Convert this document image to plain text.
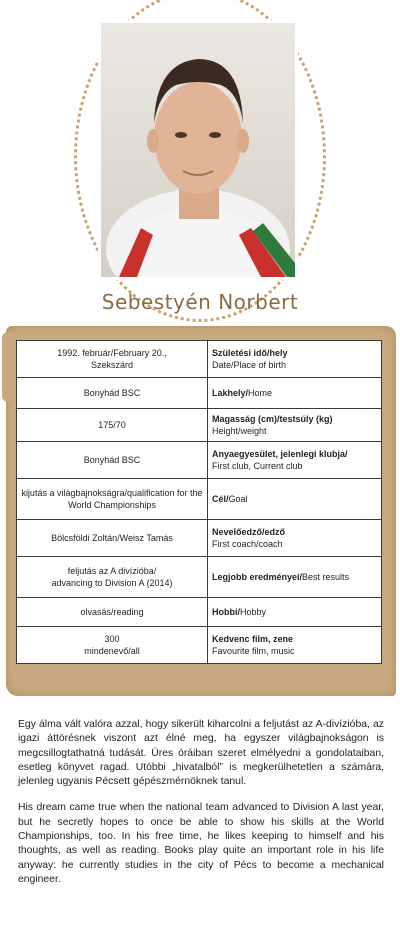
Sebestyén Norbert
1992. február/February 20.,
Szekszárd	Születési idő/hely
Date/Place of birth
Bonyhád BSC	Lakhely/Home
175/70	Magasság (cm)/testsúly (kg)
Height/weight
Bonyhád BSC	Anyaegyesület, jelenlegi klubja/
First club, Current club
kijutás a világbajnokságra/qualification for the World Championships	Cél/Goal
Bölcsföldi Zoltán/Weisz Tamás	Nevelőedző/edző
First coach/coach
feljutás az A divízióba/
advancing to Division A (2014)	Legjobb eredményei/Best results
olvasás/reading	Hobbi/Hobby
300
mindenevő/all	Kedvenc film, zene
Favourite film, music

Egy álma vált valóra azzal, hogy sikerült kiharcolni a feljutást az A-divízióba, az igazi áttörésnek viszont azt élné meg, ha egyszer világbajnokságon is megcsillogtathatná tudását. Üres óráiban szeret elmélyedni a gondolataiban, esetleg könyvet ragad. Utóbbi „hivatalból” is megkerülhetetlen a számára, jelenleg ugyanis Pécsett gépészmérnöknek tanul.

His dream came true when the national team advanced to Division A last year, but he secretly hopes to once be able to show his skills at the World Championships, too. In his free time, he likes keeping to himself and his thoughts, as well as reading. Books play quite an important role in his life anyway: he currently studies in the city of Pécs to become a mechanical engineer.
